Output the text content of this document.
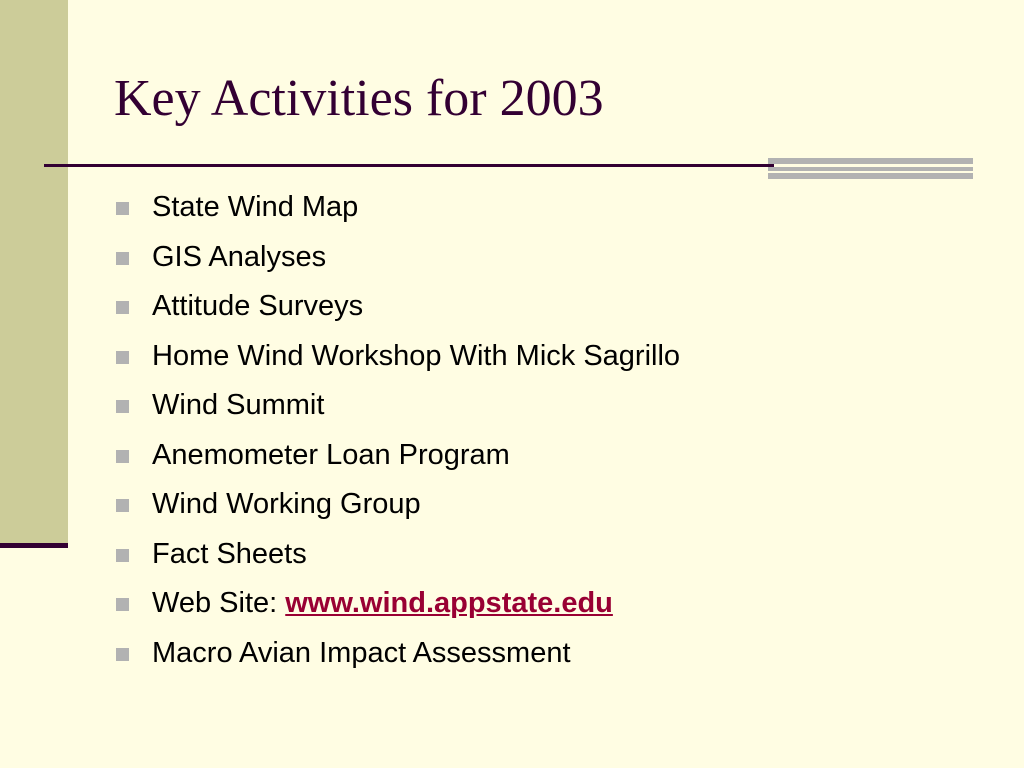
Key Activities for 2003
State Wind Map
GIS Analyses
Attitude Surveys
Home Wind Workshop With Mick Sagrillo
Wind Summit
Anemometer Loan Program
Wind Working Group
Fact Sheets
Web Site: www.wind.appstate.edu
Macro Avian Impact Assessment
